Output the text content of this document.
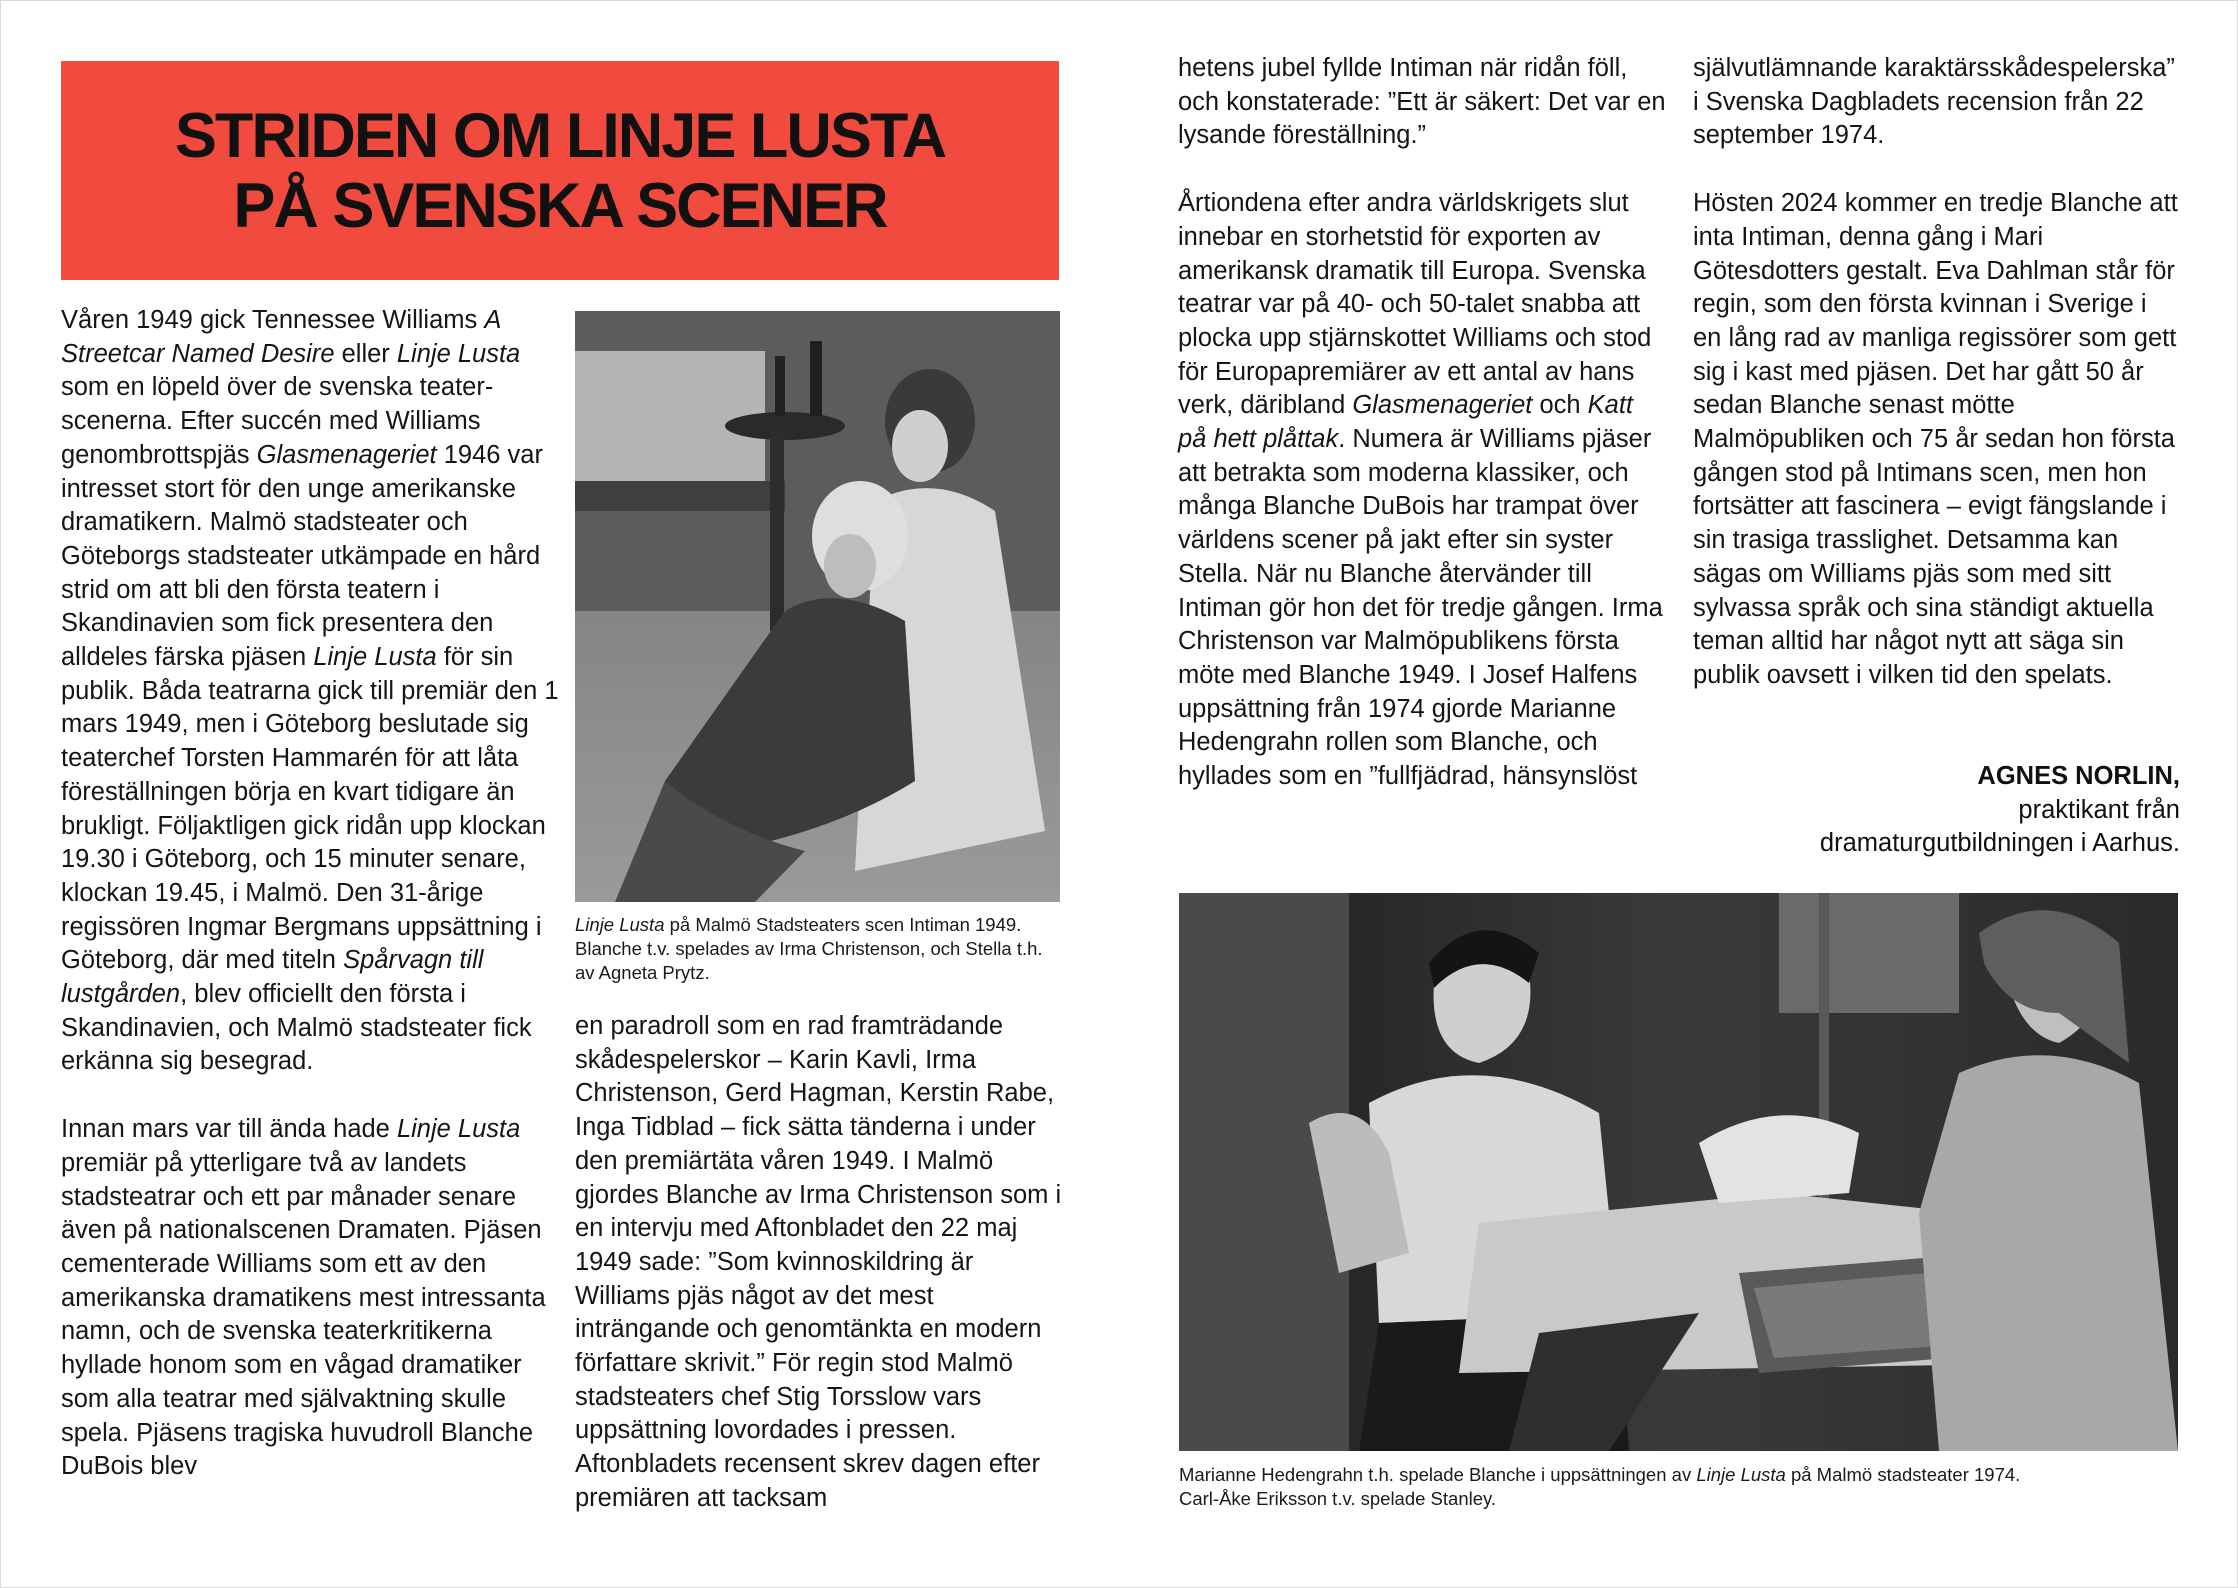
STRIDEN OM LINJE LUSTA
PÅ SVENSKA SCENER

Våren 1949 gick Tennessee Williams A Streetcar Named Desire eller Linje Lusta som en löpeld över de svenska teaterscenerna. Efter succén med Williams genombrottspjäs Glasmenageriet 1946 var intresset stort för den unge amerikanske dramatikern. Malmö stadsteater och Göteborgs stadsteater utkämpade en hård strid om att bli den första teatern i Skandinavien som fick presentera den alldeles färska pjäsen Linje Lusta för sin publik. Båda teatrarna gick till premiär den 1 mars 1949, men i Göteborg beslutade sig teaterchef Torsten Hammarén för att låta föreställningen börja en kvart tidigare än brukligt. Följaktligen gick ridån upp klockan 19.30 i Göteborg, och 15 minuter senare, klockan 19.45, i Malmö. Den 31-årige regissören Ingmar Bergmans uppsättning i Göteborg, där med titeln Spårvagn till lustgården, blev officiellt den första i Skandinavien, och Malmö stadsteater fick erkänna sig besegrad.

Innan mars var till ända hade Linje Lusta premiär på ytterligare två av landets stadsteatrar och ett par månader senare även på nationalscenen Dramaten. Pjäsen cementerade Williams som ett av den amerikanska dramatikens mest intressanta namn, och de svenska teaterkritikerna hyllade honom som en vågad dramatiker som alla teatrar med självaktning skulle spela. Pjäsens tragiska huvudroll Blanche DuBois blev

Linje Lusta på Malmö Stadsteaters scen Intiman 1949. Blanche t.v. spelades av Irma Christenson, och Stella t.h. av Agneta Prytz.

en paradroll som en rad framträdande skådespelerskor – Karin Kavli, Irma Christenson, Gerd Hagman, Kerstin Rabe, Inga Tidblad – fick sätta tänderna i under den premiärtäta våren 1949. I Malmö gjordes Blanche av Irma Christenson som i en intervju med Aftonbladet den 22 maj 1949 sade: ”Som kvinnoskildring är Williams pjäs något av det mest inträngande och genomtänkta en modern författare skrivit.” För regin stod Malmö stadsteaters chef Stig Torsslow vars uppsättning lovordades i pressen. Aftonbladets recensent skrev dagen efter premiären att tacksam

hetens jubel fyllde Intiman när ridån föll, och konstaterade: ”Ett är säkert: Det var en lysande föreställning.”

Årtiondena efter andra världskrigets slut innebar en storhetstid för exporten av amerikansk dramatik till Europa. Svenska teatrar var på 40- och 50-talet snabba att plocka upp stjärnskottet Williams och stod för Europapremiärer av ett antal av hans verk, däribland Glasmenageriet och Katt på hett plåttak. Numera är Williams pjäser att betrakta som moderna klassiker, och många Blanche DuBois har trampat över världens scener på jakt efter sin syster Stella. När nu Blanche återvänder till Intiman gör hon det för tredje gången. Irma Christenson var Malmöpublikens första möte med Blanche 1949. I Josef Halfens uppsättning från 1974 gjorde Marianne Hedengrahn rollen som Blanche, och hyllades som en ”fullfjädrad, hänsynslöst

självutlämnande karaktärsskådespelerska” i Svenska Dagbladets recension från 22 september 1974.

Hösten 2024 kommer en tredje Blanche att inta Intiman, denna gång i Mari Götesdotters gestalt. Eva Dahlman står för regin, som den första kvinnan i Sverige i en lång rad av manliga regissörer som gett sig i kast med pjäsen. Det har gått 50 år sedan Blanche senast mötte Malmöpubliken och 75 år sedan hon första gången stod på Intimans scen, men hon fortsätter att fascinera – evigt fängslande i sin trasiga trasslighet. Detsamma kan sägas om Williams pjäs som med sitt sylvassa språk och sina ständigt aktuella teman alltid har något nytt att säga sin publik oavsett i vilken tid den spelats.

AGNES NORLIN,
praktikant från
dramaturgutbildningen i Aarhus.
Marianne Hedengrahn t.h. spelade Blanche i uppsättningen av Linje Lusta på Malmö stadsteater 1974.
Carl-Åke Eriksson t.v. spelade Stanley.
